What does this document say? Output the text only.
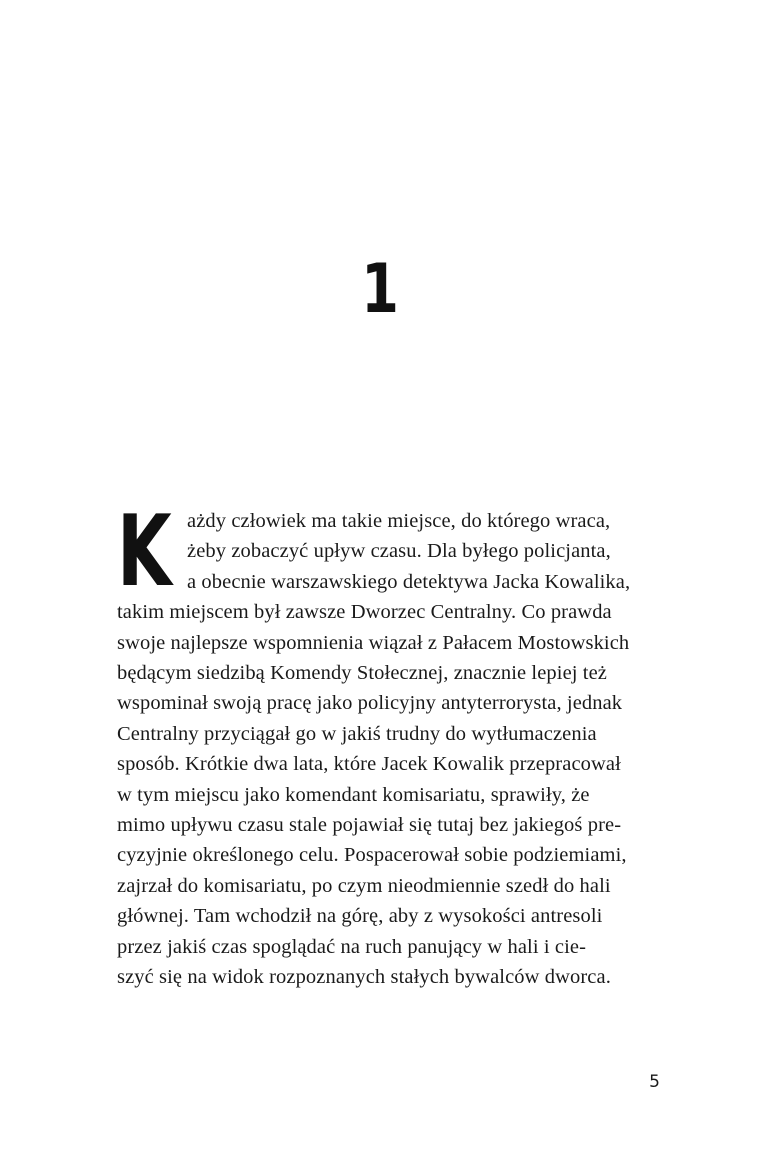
1
K ażdy człowiek ma takie miejsce, do którego wraca,
żeby zobaczyć upływ czasu. Dla byłego policjanta,
a obecnie warszawskiego detektywa Jacka Kowalika,
takim miejscem był zawsze Dworzec Centralny. Co prawda
swoje najlepsze wspomnienia wiązał z Pałacem Mostowskich
będącym siedzibą Komendy Stołecznej, znacznie lepiej też
wspominał swoją pracę jako policyjny antyterrorysta, jednak
Centralny przyciągał go w jakiś trudny do wytłumaczenia
sposób. Krótkie dwa lata, które Jacek Kowalik przepracował
w tym miejscu jako komendant komisariatu, sprawiły, że
mimo upływu czasu stale pojawiał się tutaj bez jakiegoś pre-
cyzyjnie określonego celu. Pospacerował sobie podziemiami,
zajrzał do komisariatu, po czym nieodmiennie szedł do hali
głównej. Tam wchodził na górę, aby z wysokości antresoli
przez jakiś czas spoglądać na ruch panujący w hali i cie-
szyć się na widok rozpoznanych stałych bywalców dworca.
5
